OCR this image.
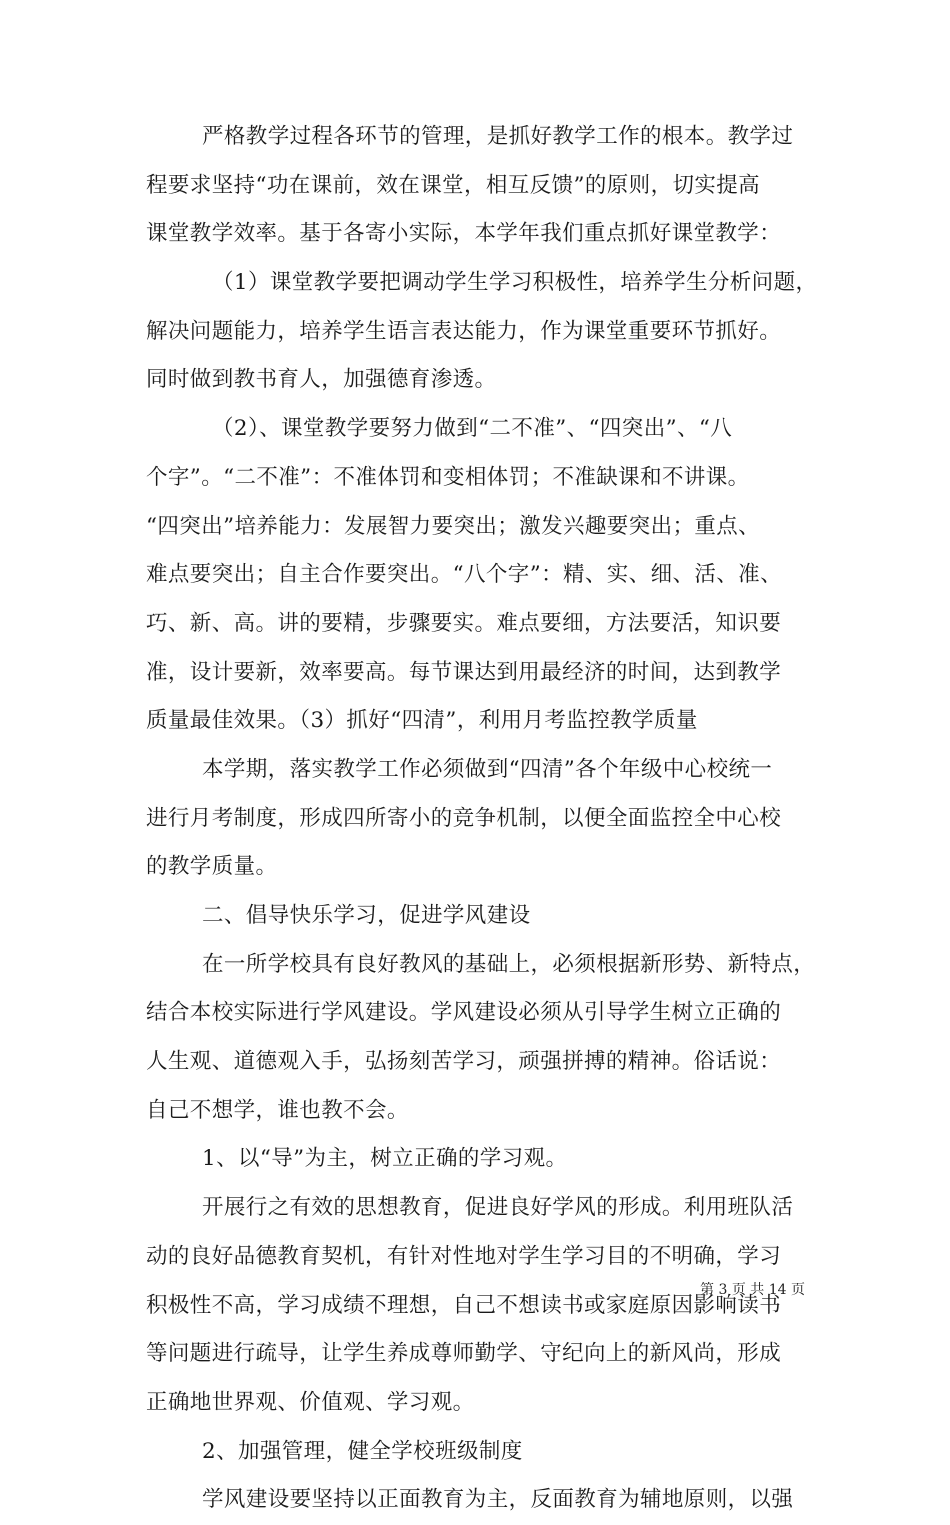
严格教学过程各环节的管理，是抓好教学工作的根本。教学过
程要求坚持“功在课前，效在课堂，相互反馈”的原则，切实提高
课堂教学效率。基于各寄小实际，本学年我们重点抓好课堂教学：
（1）课堂教学要把调动学生学习积极性，培养学生分析问题，
解决问题能力，培养学生语言表达能力，作为课堂重要环节抓好。
同时做到教书育人，加强德育渗透。
（2）、课堂教学要努力做到“二不准”、“四突出”、“八
个字”。“二不准”：不准体罚和变相体罚；不准缺课和不讲课。
“四突出”培养能力：发展智力要突出；激发兴趣要突出；重点、
难点要突出；自主合作要突出。“八个字”：精、实、细、活、准、
巧、新、高。讲的要精，步骤要实。难点要细，方法要活，知识要
准，设计要新，效率要高。每节课达到用最经济的时间，达到教学
质量最佳效果。（3）抓好“四清”，利用月考监控教学质量
本学期，落实教学工作必须做到“四清”各个年级中心校统一
进行月考制度，形成四所寄小的竞争机制，以便全面监控全中心校
的教学质量。
二、倡导快乐学习，促进学风建设
在一所学校具有良好教风的基础上，必须根据新形势、新特点，
结合本校实际进行学风建设。学风建设必须从引导学生树立正确的
人生观、道德观入手，弘扬刻苦学习，顽强拼搏的精神。俗话说：
自己不想学，谁也教不会。
1、以“导”为主，树立正确的学习观。
开展行之有效的思想教育，促进良好学风的形成。利用班队活
动的良好品德教育契机，有针对性地对学生学习目的不明确，学习
积极性不高，学习成绩不理想，自己不想读书或家庭原因影响读书
等问题进行疏导，让学生养成尊师勤学、守纪向上的新风尚，形成
正确地世界观、价值观、学习观。
2、加强管理，健全学校班级制度
学风建设要坚持以正面教育为主，反面教育为辅地原则，以强
第 3 页 共 14 页
